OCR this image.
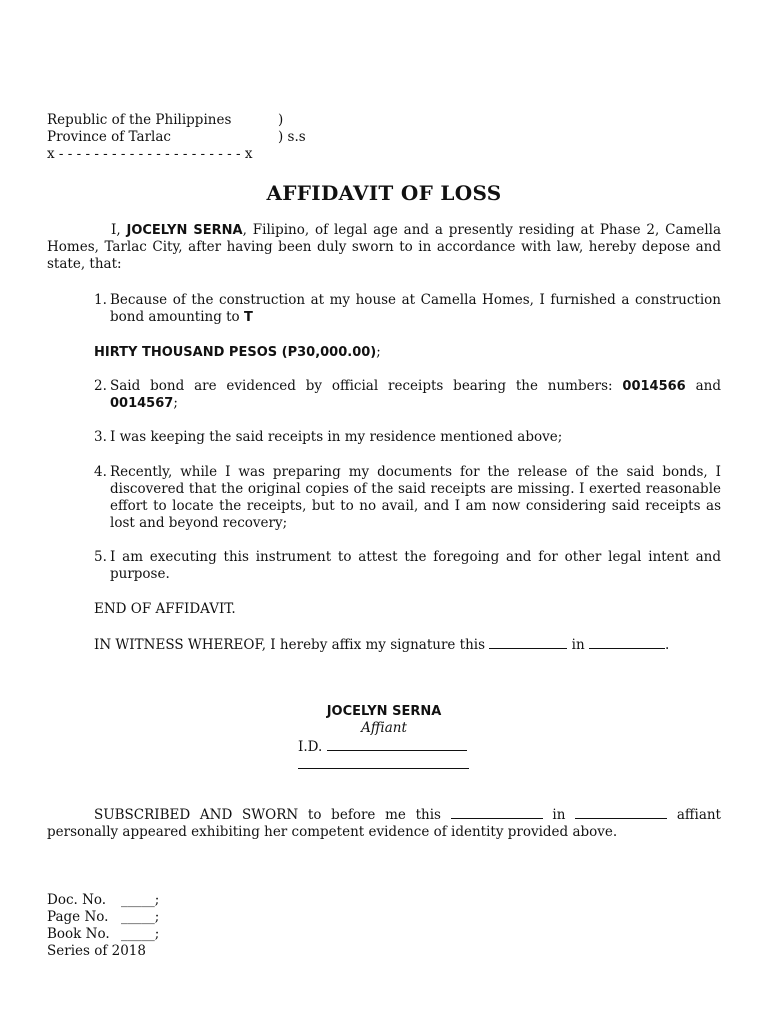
Republic of the Philippines	)
Province of Tarlac	) s.s
x - - - - - - - - - - - - - - - - - - - - - x
AFFIDAVIT OF LOSS
I, JOCELYN SERNA, Filipino, of legal age and a presently residing at Phase 2, Camella Homes, Tarlac City, after having been duly sworn to in accordance with law, hereby depose and state, that:
1. Because of the construction at my house at Camella Homes, I furnished a construction bond amounting to T
HIRTY THOUSAND PESOS (P30,000.00);
2. Said bond are evidenced by official receipts bearing the numbers: 0014566 and 0014567;
3. I was keeping the said receipts in my residence mentioned above;
4. Recently, while I was preparing my documents for the release of the said bonds, I discovered that the original copies of the said receipts are missing. I exerted reasonable effort to locate the receipts, but to no avail, and I am now considering said receipts as lost and beyond recovery;
5. I am executing this instrument to attest the foregoing and for other legal intent and purpose.
END OF AFFIDAVIT.
IN WITNESS WHEREOF, I hereby affix my signature this	in	.
JOCELYN SERNA
Affiant
I.D.
SUBSCRIBED AND SWORN to before me this	in	affiant personally appeared exhibiting her competent evidence of identity provided above.
Doc. No. _____;
Page No. _____;
Book No. _____;
Series of 2018
